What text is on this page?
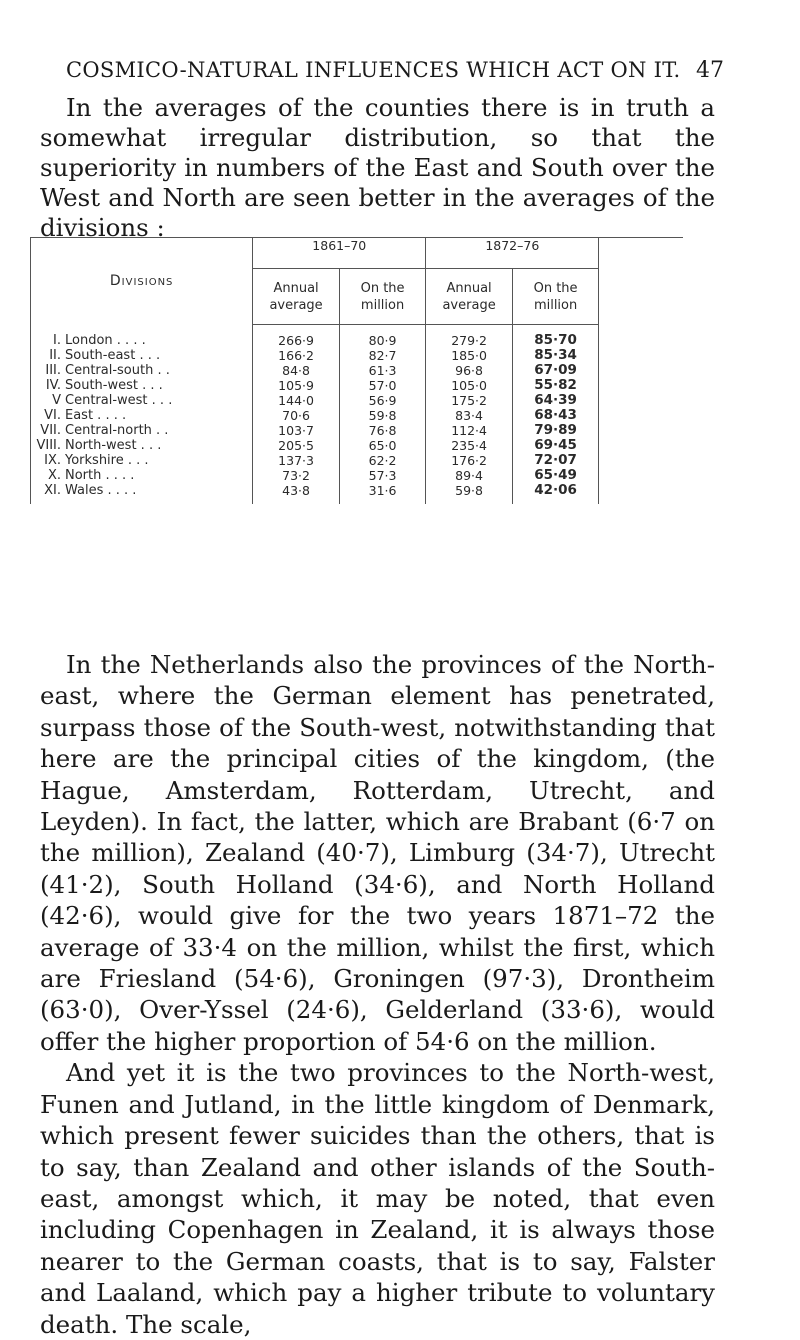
COSMICO-NATURAL INFLUENCES WHICH ACT ON IT. 47
In the averages of the counties there is in truth a somewhat irregular distribution, so that the superiority in numbers of the East and South over the West and North are seen better in the averages of the divisions :
Divisions	1861–70		1872–76		
	Annual average	On the million	Annual average	On the million	
I. London . . . .	266·9	80·9	279·2	85·70	
II. South-east . . .	166·2	82·7	185·0	85·34	
III. Central-south . .	84·8	61·3	96·8	67·09	
IV. South-west . . .	105·9	57·0	105·0	55·82	
V Central-west . . .	144·0	56·9	175·2	64·39	
VI. East . . . .	70·6	59·8	83·4	68·43	
VII. Central-north . .	103·7	76·8	112·4	79·89	
VIII. North-west . . .	205·5	65·0	235·4	69·45	
IX. Yorkshire . . .	137·3	62·2	176·2	72·07	
X. North . . . .	73·2	57·3	89·4	65·49	
XI. Wales . . . .	43·8	31·6	59·8	42·06	

In the Netherlands also the provinces of the North-east, where the German element has penetrated, surpass those of the South-west, notwithstanding that here are the principal cities of the kingdom, (the Hague, Amsterdam, Rotterdam, Utrecht, and Leyden). In fact, the latter, which are Brabant (6·7 on the million), Zealand (40·7), Limburg (34·7), Utrecht (41·2), South Holland (34·6), and North Holland (42·6), would give for the two years 1871–72 the average of 33·4 on the million, whilst the first, which are Friesland (54·6), Groningen (97·3), Drontheim (63·0), Over-Yssel (24·6), Gelderland (33·6), would offer the higher proportion of 54·6 on the million.

And yet it is the two provinces to the North-west, Funen and Jutland, in the little kingdom of Denmark, which present fewer suicides than the others, that is to say, than Zealand and other islands of the South-east, amongst which, it may be noted, that even including Copenhagen in Zealand, it is always those nearer to the German coasts, that is to say, Falster and Laaland, which pay a higher tribute to voluntary death. The scale,
